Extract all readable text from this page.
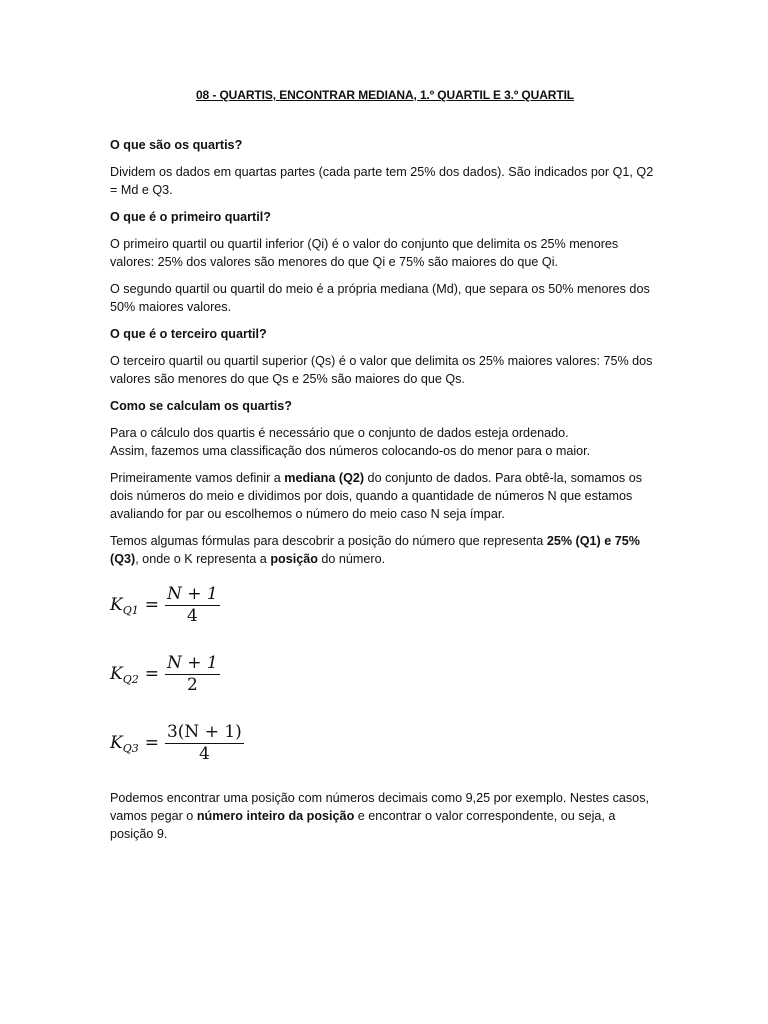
08 - QUARTIS, ENCONTRAR MEDIANA, 1.º QUARTIL E 3.º QUARTIL
O que são os quartis?
Dividem os dados em quartas partes (cada parte tem 25% dos dados). São indicados por Q1, Q2 = Md e Q3.
O que é o primeiro quartil?
O primeiro quartil ou quartil inferior (Qi) é o valor do conjunto que delimita os 25% menores valores: 25% dos valores são menores do que Qi e 75% são maiores do que Qi.
O segundo quartil ou quartil do meio é a própria mediana (Md), que separa os 50% menores dos 50% maiores valores.
O que é o terceiro quartil?
O terceiro quartil ou quartil superior (Qs) é o valor que delimita os 25% maiores valores: 75% dos valores são menores do que Qs e 25% são maiores do que Qs.
Como se calculam os quartis?
Para o cálculo dos quartis é necessário que o conjunto de dados esteja ordenado.
Assim, fazemos uma classificação dos números colocando-os do menor para o maior.
Primeiramente vamos definir a mediana (Q2) do conjunto de dados. Para obtê-la, somamos os dois números do meio e dividimos por dois, quando a quantidade de números N que estamos avaliando for par ou escolhemos o número do meio caso N seja ímpar.
Temos algumas fórmulas para descobrir a posição do número que representa 25% (Q1) e 75% (Q3), onde o K representa a posição do número.
K $Q1 = \frac{N + 1}{4}$
K $Q2 = \frac{N + 1}{2}$
K $Q3 = \frac{3(N + 1)}{4}$
Podemos encontrar uma posição com números decimais como 9,25 por exemplo. Nestes casos, vamos pegar o número inteiro da posição e encontrar o valor correspondente, ou seja, a posição 9.
